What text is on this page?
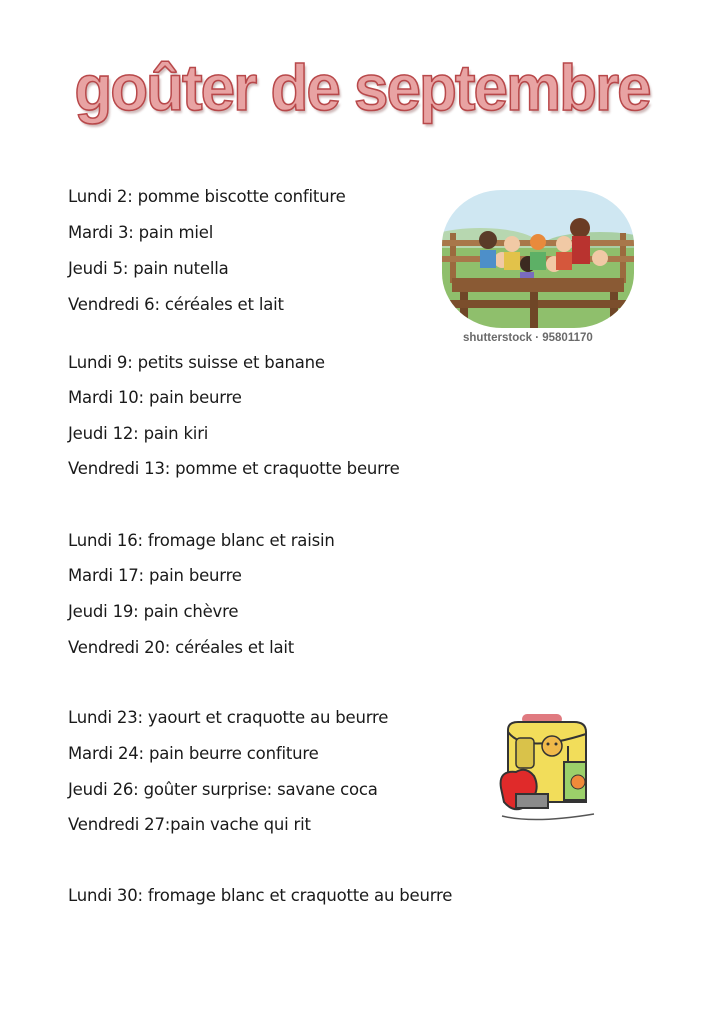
goûter de septembre
Lundi 2: pomme biscotte confiture
Mardi 3: pain miel
Jeudi 5: pain nutella
Vendredi 6: céréales et lait
Lundi 9: petits suisse et banane
Mardi 10: pain beurre
Jeudi 12: pain kiri
Vendredi 13: pomme et craquotte beurre
Lundi 16: fromage blanc et raisin
Mardi 17: pain beurre
Jeudi 19: pain chèvre
Vendredi 20: céréales et lait
Lundi 23: yaourt et craquotte au beurre
Mardi 24: pain beurre confiture
Jeudi 26: goûter surprise: savane coca
Vendredi 27:pain vache qui rit
Lundi 30: fromage blanc et craquotte au beurre
shutterstock · 95801170
